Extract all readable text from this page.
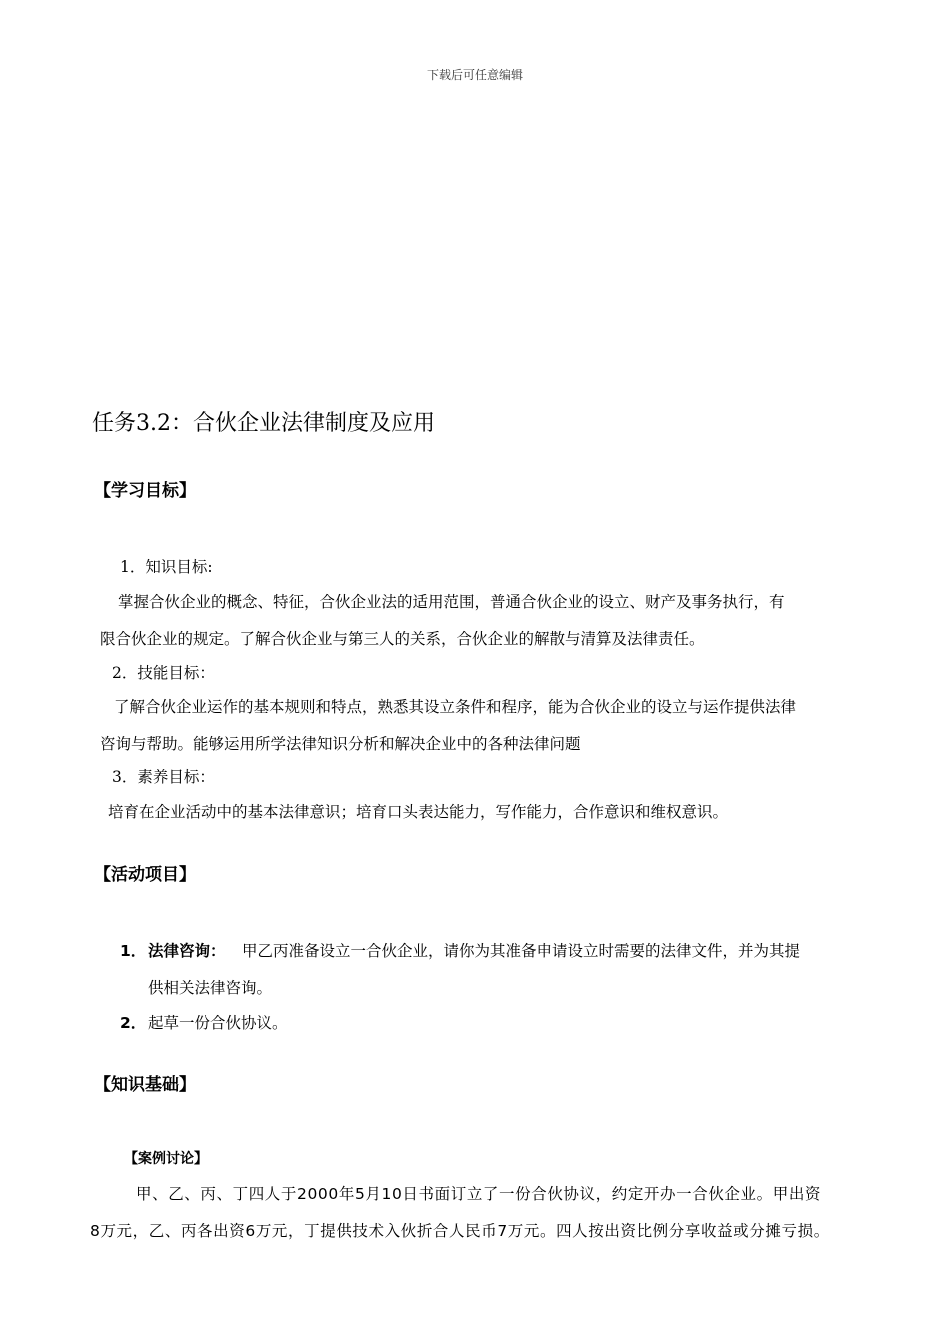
下载后可任意编辑
任务3.2：合伙企业法律制度及应用
【学习目标】
1．知识目标:
掌握合伙企业的概念、特征，合伙企业法的适用范围，普通合伙企业的设立、财产及事务执行，有
限合伙企业的规定。了解合伙企业与第三人的关系，合伙企业的解散与清算及法律责任。
2．技能目标：
了解合伙企业运作的基本规则和特点，熟悉其设立条件和程序，能为合伙企业的设立与运作提供法律
咨询与帮助。能够运用所学法律知识分析和解决企业中的各种法律问题
3．素养目标：
培育在企业活动中的基本法律意识；培育口头表达能力，写作能力，合作意识和维权意识。
【活动项目】
1． 法律咨询： 甲乙丙准备设立一合伙企业，请你为其准备申请设立时需要的法律文件，并为其提
供相关法律咨询。
2． 起草一份合伙协议。
【知识基础】
【案例讨论】
甲、乙、丙、丁四人于2000年5月10日书面订立了一份合伙协议，约定开办一合伙企业。甲出资
8万元，乙、丙各出资6万元，丁提供技术入伙折合人民币7万元。四人按出资比例分享收益或分摊亏损。
